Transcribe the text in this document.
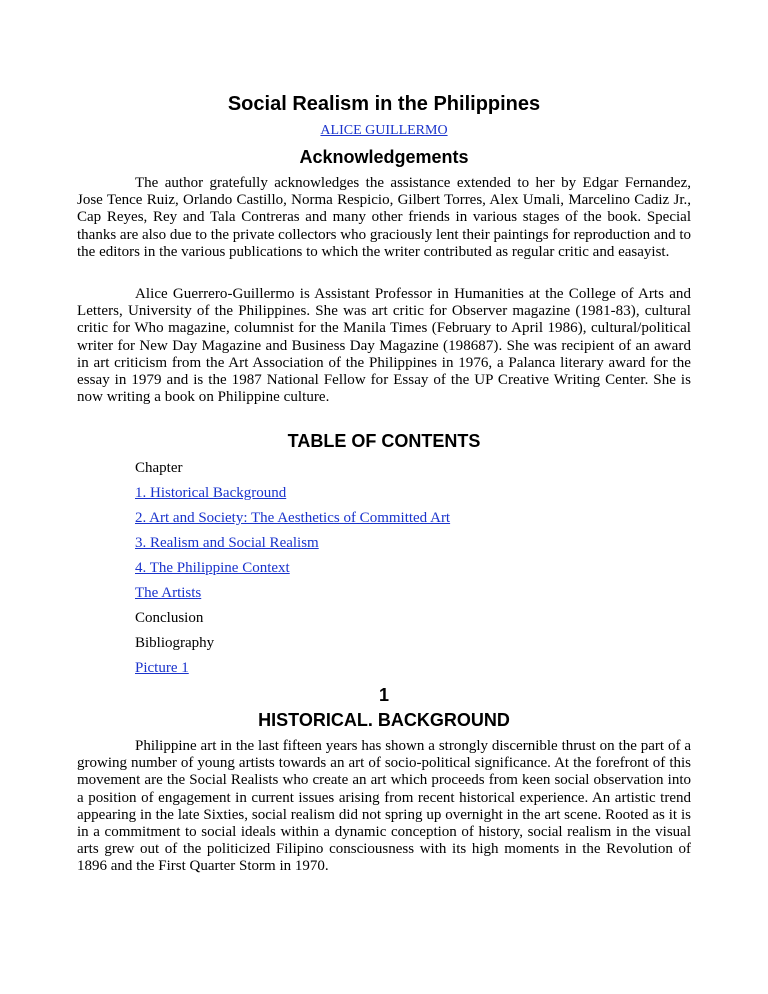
Social Realism in the Philippines
ALICE GUILLERMO
Acknowledgements

The author gratefully acknowledges the assistance extended to her by Edgar Fernandez, Jose Tence Ruiz, Orlando Castillo, Norma Respicio, Gilbert Torres, Alex Umali, Marcelino Cadiz Jr., Cap Reyes, Rey and Tala Contreras and many other friends in various stages of the book. Special thanks are also due to the private collectors who graciously lent their paintings for reproduction and to the editors in the various publications to which the writer contributed as regular critic and easayist.

Alice Guerrero-Guillermo is Assistant Professor in Humanities at the College of Arts and Letters, University of the Philippines. She was art critic for Observer magazine (1981-83), cultural critic for Who magazine, columnist for the Manila Times (February to April 1986), cultural/political writer for New Day Magazine and Business Day Magazine (198687). She was recipient of an award in art criticism from the Art Association of the Philippines in 1976, a Palanca literary award for the essay in 1979 and is the 1987 National Fellow for Essay of the UP Creative Writing Center. She is now writing a book on Philippine culture.

TABLE OF CONTENTS
Chapter
1. Historical Background
2. Art and Society: The Aesthetics of Committed Art
3. Realism and Social Realism
4. The Philippine Context
The Artists
Conclusion
Bibliography
Picture 1
1
HISTORICAL. BACKGROUND

Philippine art in the last fifteen years has shown a strongly discernible thrust on the part of a growing number of young artists towards an art of socio-political significance. At the forefront of this movement are the Social Realists who create an art which proceeds from keen social observation into a position of engagement in current issues arising from recent historical experience. An artistic trend appearing in the late Sixties, social realism did not spring up overnight in the art scene. Rooted as it is in a commitment to social ideals within a dynamic conception of history, social realism in the visual arts grew out of the politicized Filipino consciousness with its high moments in the Revolution of 1896 and the First Quarter Storm in 1970.
